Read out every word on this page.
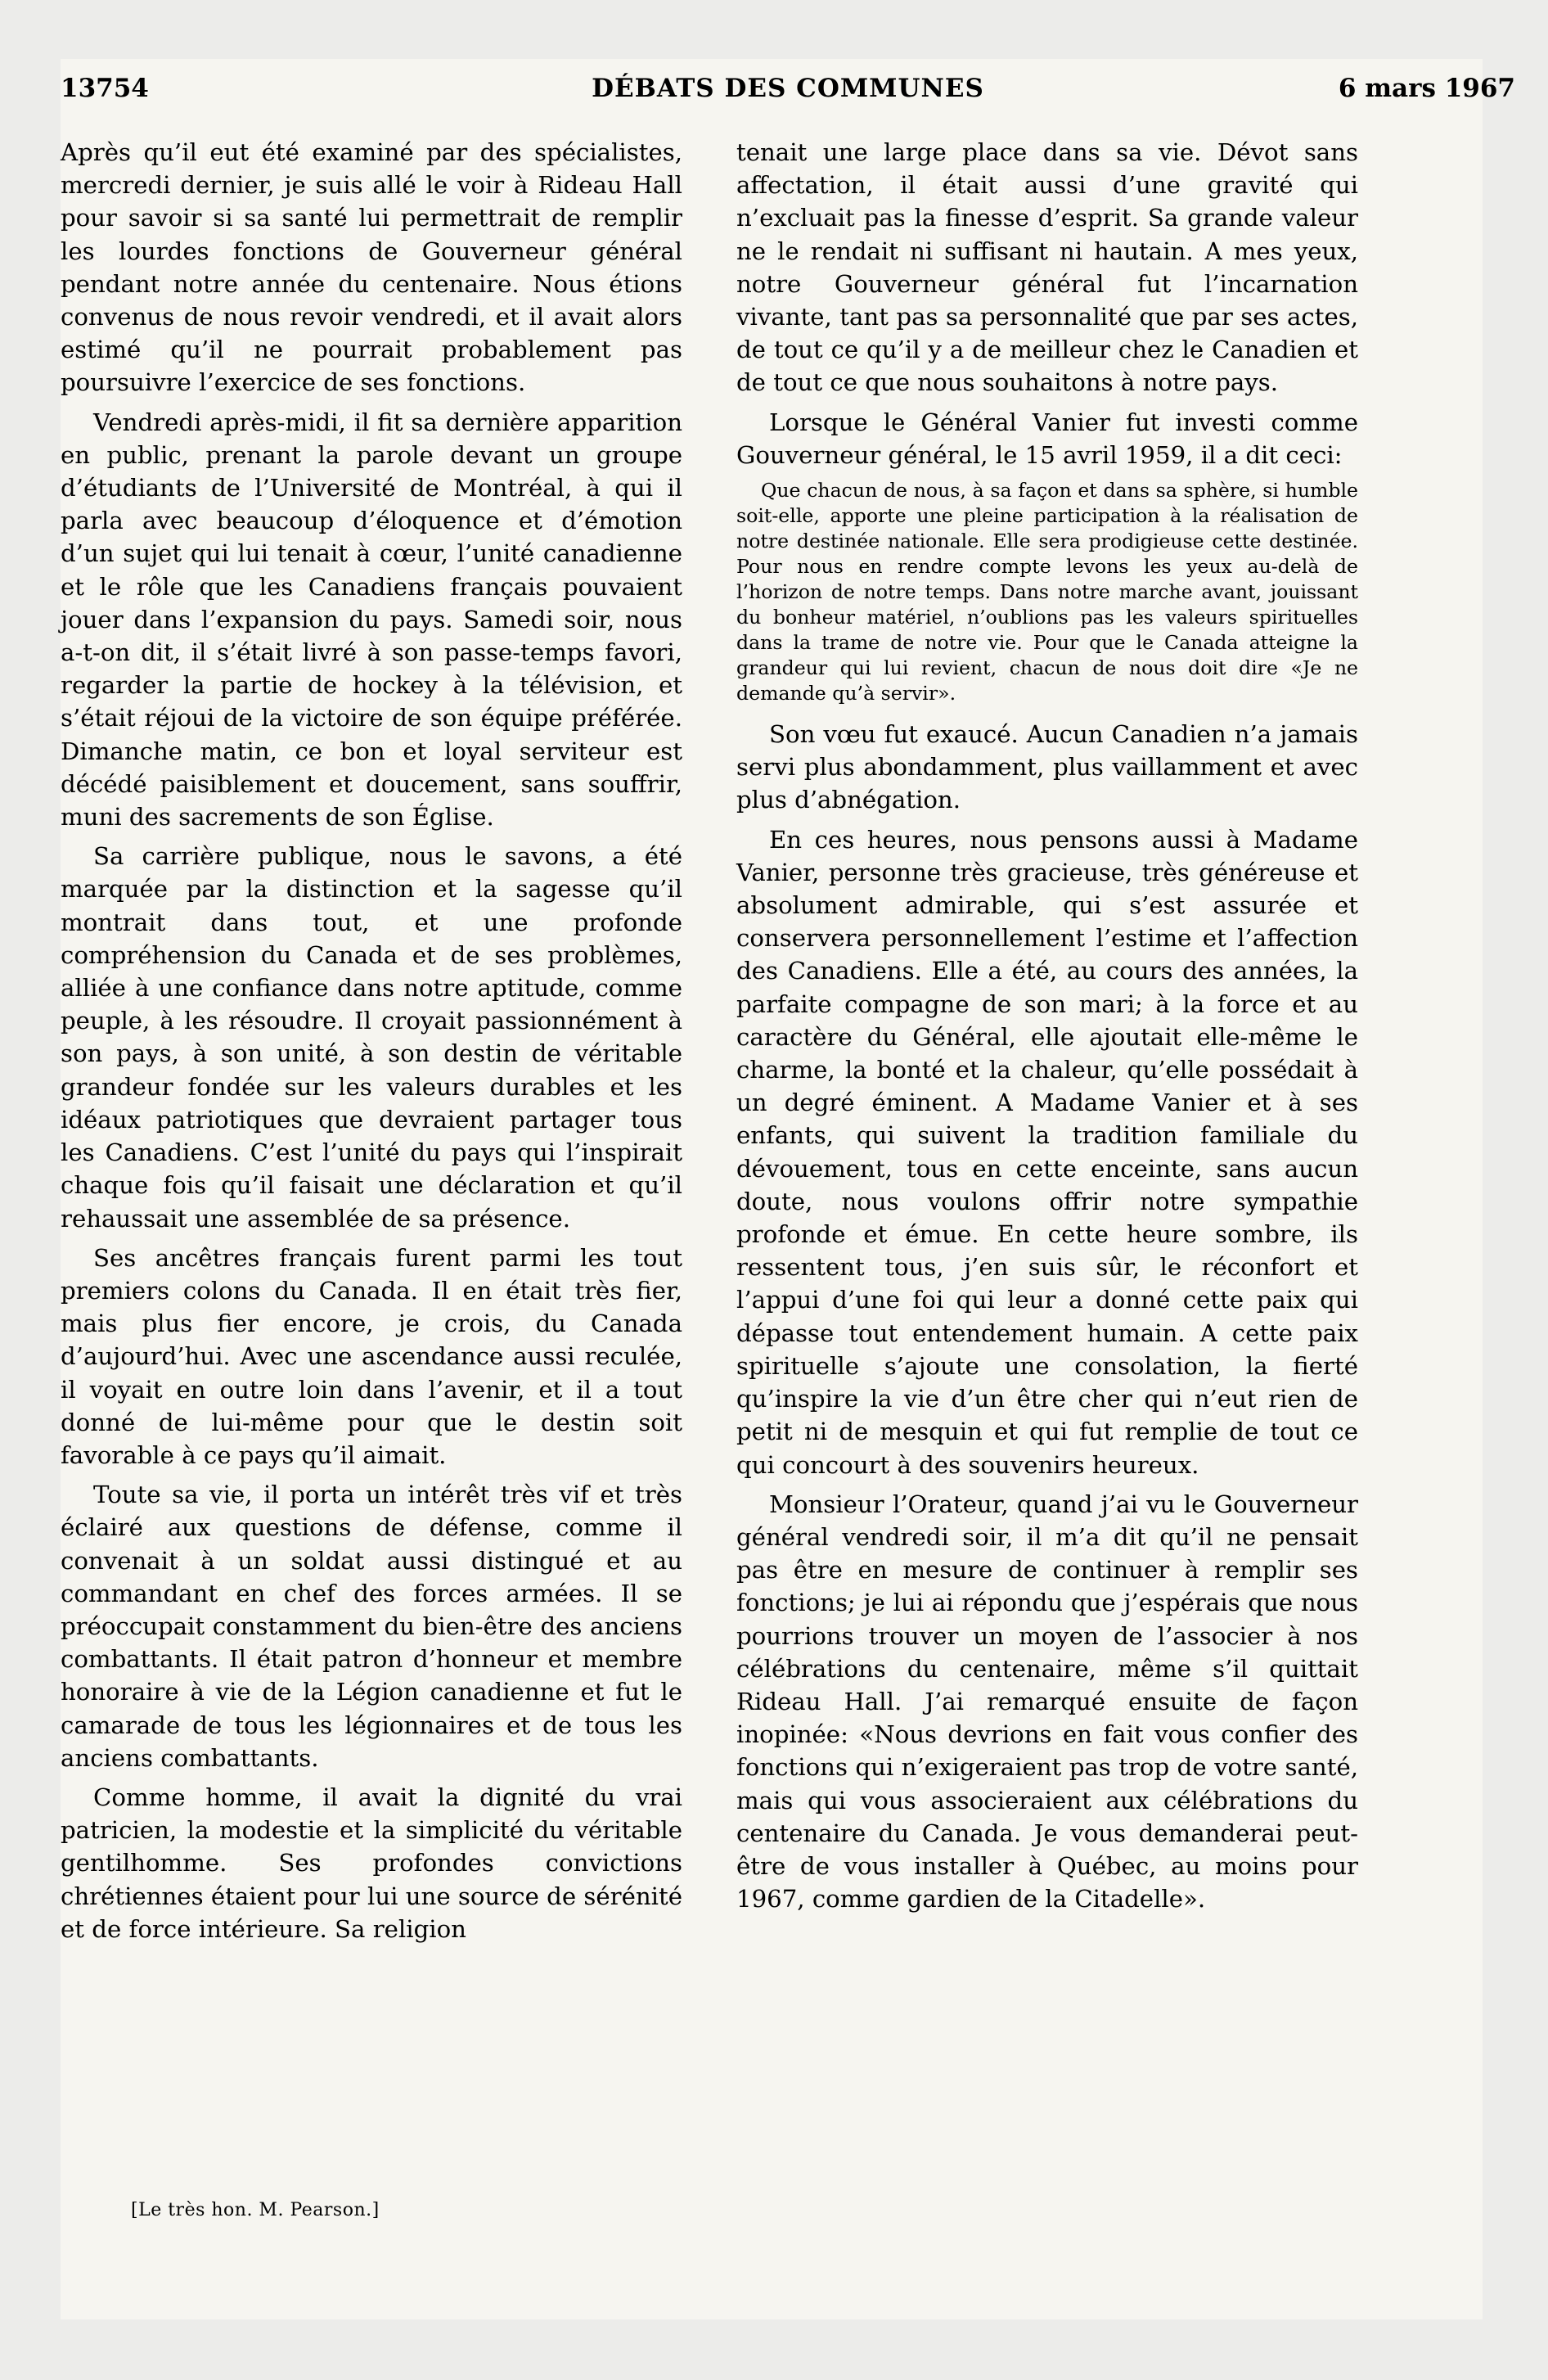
13754	DÉBATS DES COMMUNES	6 mars 1967

Après qu’il eut été examiné par des spécialistes, mercredi dernier, je suis allé le voir à Rideau Hall pour savoir si sa santé lui permettrait de remplir les lourdes fonctions de Gouverneur général pendant notre année du centenaire. Nous étions convenus de nous revoir vendredi, et il avait alors estimé qu’il ne pourrait probablement pas poursuivre l’exercice de ses fonctions.

Vendredi après-midi, il fit sa dernière apparition en public, prenant la parole devant un groupe d’étudiants de l’Université de Montréal, à qui il parla avec beaucoup d’éloquence et d’émotion d’un sujet qui lui tenait à cœur, l’unité canadienne et le rôle que les Canadiens français pouvaient jouer dans l’expansion du pays. Samedi soir, nous a-t-on dit, il s’était livré à son passe-temps favori, regarder la partie de hockey à la télévision, et s’était réjoui de la victoire de son équipe préférée. Dimanche matin, ce bon et loyal serviteur est décédé paisiblement et doucement, sans souffrir, muni des sacrements de son Église.

Sa carrière publique, nous le savons, a été marquée par la distinction et la sagesse qu’il montrait dans tout, et une profonde compréhension du Canada et de ses problèmes, alliée à une confiance dans notre aptitude, comme peuple, à les résoudre. Il croyait passionnément à son pays, à son unité, à son destin de véritable grandeur fondée sur les valeurs durables et les idéaux patriotiques que devraient partager tous les Canadiens. C’est l’unité du pays qui l’inspirait chaque fois qu’il faisait une déclaration et qu’il rehaussait une assemblée de sa présence.

Ses ancêtres français furent parmi les tout premiers colons du Canada. Il en était très fier, mais plus fier encore, je crois, du Canada d’aujourd’hui. Avec une ascendance aussi reculée, il voyait en outre loin dans l’avenir, et il a tout donné de lui-même pour que le destin soit favorable à ce pays qu’il aimait.

Toute sa vie, il porta un intérêt très vif et très éclairé aux questions de défense, comme il convenait à un soldat aussi distingué et au commandant en chef des forces armées. Il se préoccupait constamment du bien-être des anciens combattants. Il était patron d’honneur et membre honoraire à vie de la Légion canadienne et fut le camarade de tous les légionnaires et de tous les anciens combattants.

Comme homme, il avait la dignité du vrai patricien, la modestie et la simplicité du véritable gentilhomme. Ses profondes convictions chrétiennes étaient pour lui une source de sérénité et de force intérieure. Sa religion

tenait une large place dans sa vie. Dévot sans affectation, il était aussi d’une gravité qui n’excluait pas la finesse d’esprit. Sa grande valeur ne le rendait ni suffisant ni hautain. A mes yeux, notre Gouverneur général fut l’incarnation vivante, tant pas sa personnalité que par ses actes, de tout ce qu’il y a de meilleur chez le Canadien et de tout ce que nous souhaitons à notre pays.

Lorsque le Général Vanier fut investi comme Gouverneur général, le 15 avril 1959, il a dit ceci:

Que chacun de nous, à sa façon et dans sa sphère, si humble soit-elle, apporte une pleine participation à la réalisation de notre destinée nationale. Elle sera prodigieuse cette destinée. Pour nous en rendre compte levons les yeux au-delà de l’horizon de notre temps. Dans notre marche avant, jouissant du bonheur matériel, n’oublions pas les valeurs spirituelles dans la trame de notre vie. Pour que le Canada atteigne la grandeur qui lui revient, chacun de nous doit dire «Je ne demande qu’à servir».

Son vœu fut exaucé. Aucun Canadien n’a jamais servi plus abondamment, plus vaillamment et avec plus d’abnégation.

En ces heures, nous pensons aussi à Madame Vanier, personne très gracieuse, très généreuse et absolument admirable, qui s’est assurée et conservera personnellement l’estime et l’affection des Canadiens. Elle a été, au cours des années, la parfaite compagne de son mari; à la force et au caractère du Général, elle ajoutait elle-même le charme, la bonté et la chaleur, qu’elle possédait à un degré éminent. A Madame Vanier et à ses enfants, qui suivent la tradition familiale du dévouement, tous en cette enceinte, sans aucun doute, nous voulons offrir notre sympathie profonde et émue. En cette heure sombre, ils ressentent tous, j’en suis sûr, le réconfort et l’appui d’une foi qui leur a donné cette paix qui dépasse tout entendement humain. A cette paix spirituelle s’ajoute une consolation, la fierté qu’inspire la vie d’un être cher qui n’eut rien de petit ni de mesquin et qui fut remplie de tout ce qui concourt à des souvenirs heureux.

Monsieur l’Orateur, quand j’ai vu le Gouverneur général vendredi soir, il m’a dit qu’il ne pensait pas être en mesure de continuer à remplir ses fonctions; je lui ai répondu que j’espérais que nous pourrions trouver un moyen de l’associer à nos célébrations du centenaire, même s’il quittait Rideau Hall. J’ai remarqué ensuite de façon inopinée: «Nous devrions en fait vous confier des fonctions qui n’exigeraient pas trop de votre santé, mais qui vous associeraient aux célébrations du centenaire du Canada. Je vous demanderai peut-être de vous installer à Québec, au moins pour 1967, comme gardien de la Citadelle».

[Le très hon. M. Pearson.]
